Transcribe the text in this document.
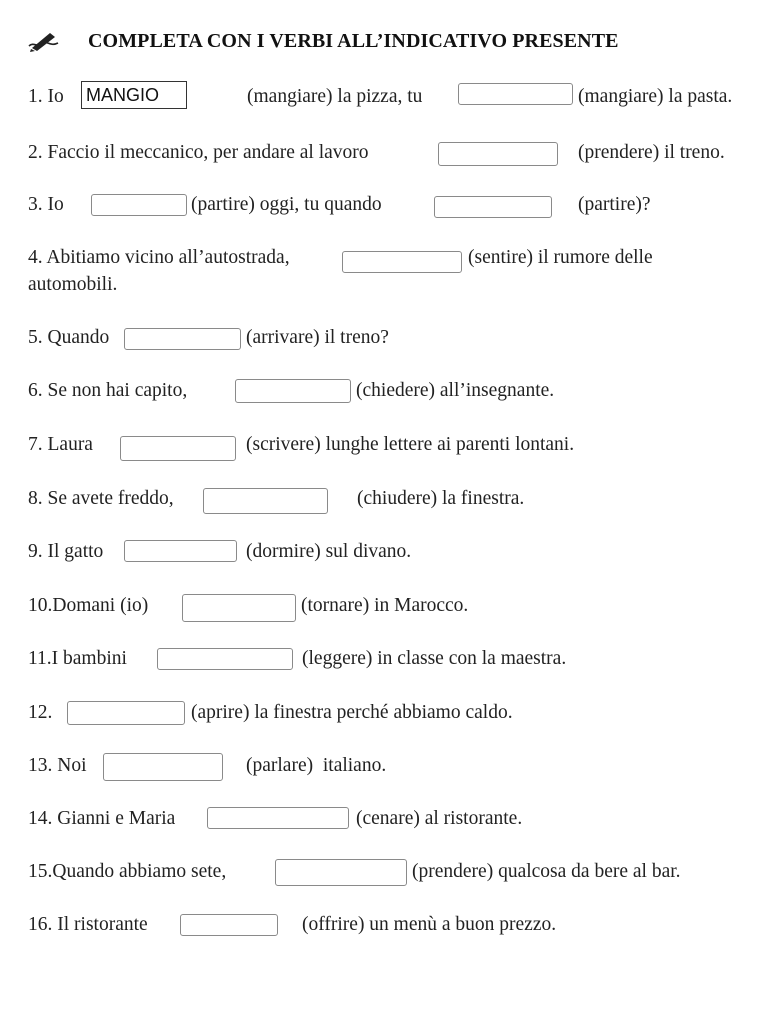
COMPLETA CON I VERBI ALL’INDICATIVO PRESENTE
1. Io
MANGIO	(mangiare) la pizza, tu	(mangiare) la pasta.
2. Faccio il meccanico, per andare al lavoro	(prendere) il treno.
3. Io	(partire) oggi, tu quando	(partire)?
4. Abitiamo vicino all’autostrada,	(sentire) il rumore delle
automobili.
5. Quando	(arrivare) il treno?
6. Se non hai capito,	(chiedere) all’insegnante.
7. Laura	(scrivere) lunghe lettere ai parenti lontani.
8. Se avete freddo,	(chiudere) la finestra.
9. Il gatto	(dormire) sul divano.
10.Domani (io)	(tornare) in Marocco.
11.I bambini	(leggere) in classe con la maestra.
12.	(aprire) la finestra perché abbiamo caldo.
13. Noi	(parlare)  italiano.
14. Gianni e Maria	(cenare) al ristorante.
15.Quando abbiamo sete,	(prendere) qualcosa da bere al bar.
16. Il ristorante	(offrire) un menù a buon prezzo.
